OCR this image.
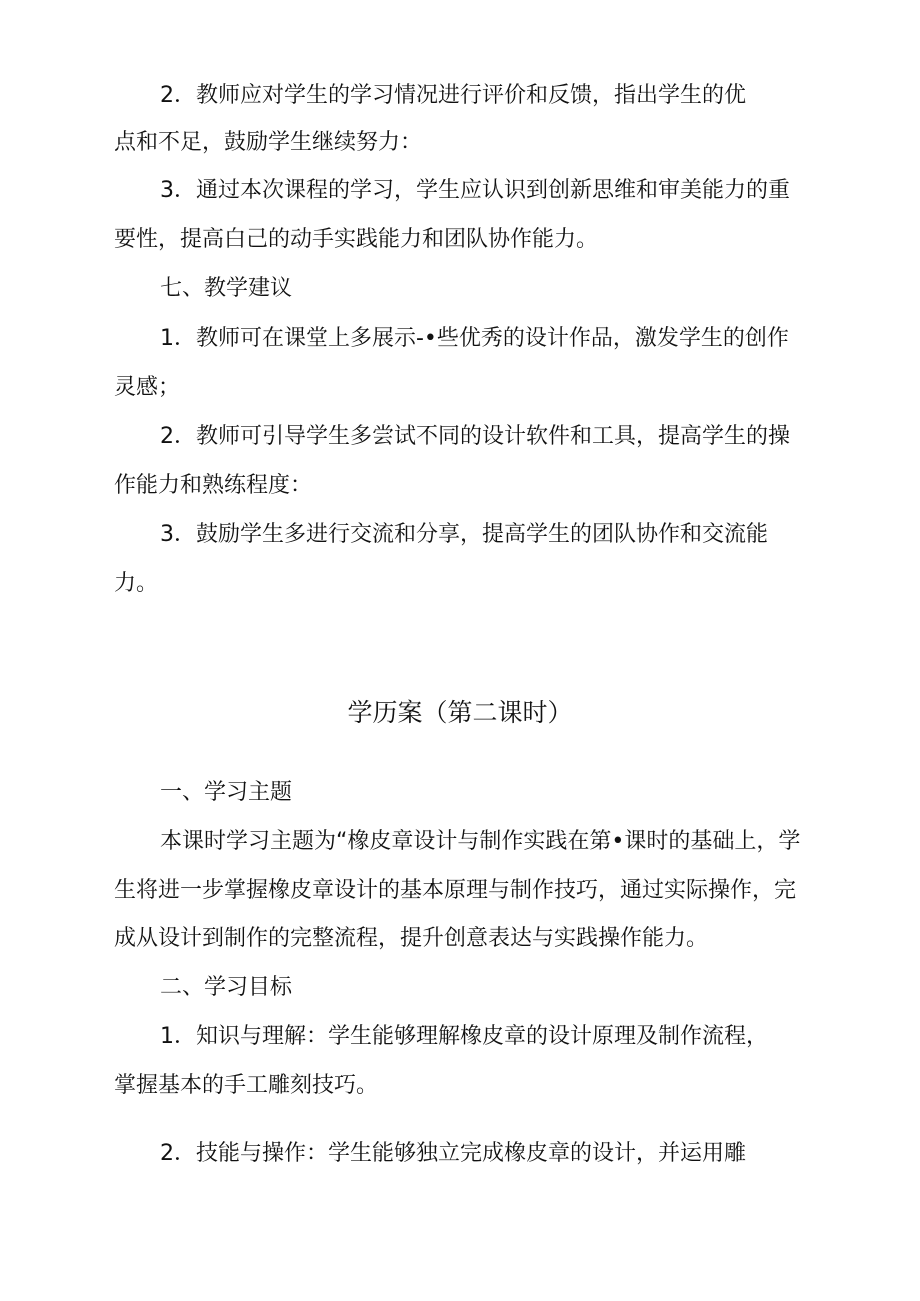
2．教师应对学生的学习情况进行评价和反馈，指出学生的优
点和不足，鼓励学生继续努力：
3．通过本次课程的学习，学生应认识到创新思维和审美能力的重
要性，提高白己的动手实践能力和团队协作能力。
七、教学建议
1．教师可在课堂上多展示-•些优秀的设计作品，激发学生的创作
灵感；
2．教师可引导学生多尝试不同的设计软件和工具，提高学生的操
作能力和熟练程度：
3．鼓励学生多进行交流和分享，提高学生的团队协作和交流能
力。
学历案（第二课时）
一、学习主题
本课时学习主题为“橡皮章设计与制作实践在第•课时的基础上，学
生将进一步掌握橡皮章设计的基本原理与制作技巧，通过实际操作，完
成从设计到制作的完整流程，提升创意表达与实践操作能力。
二、学习目标
1．知识与理解：学生能够理解橡皮章的设计原理及制作流程，
掌握基本的手工雕刻技巧。
2．技能与操作：学生能够独立完成橡皮章的设计，并运用雕
